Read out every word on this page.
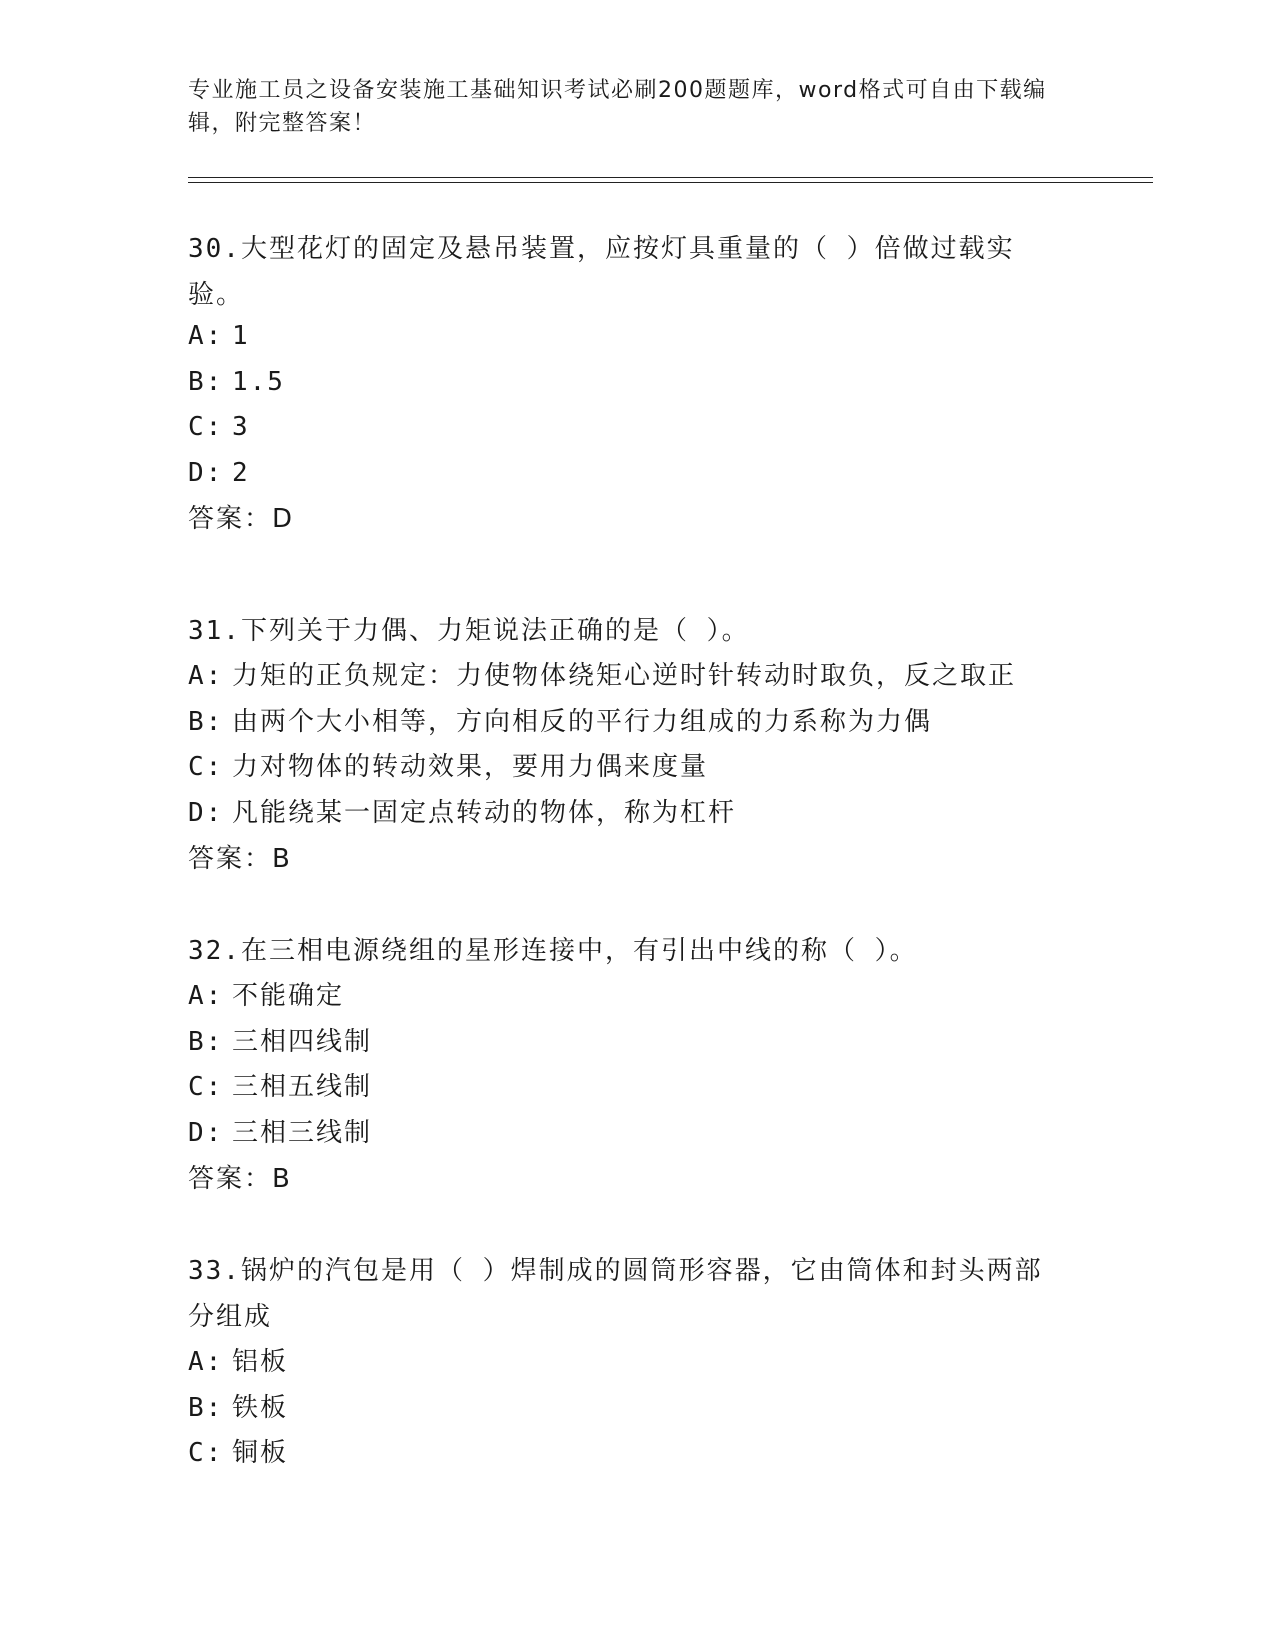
专业施工员之设备安装施工基础知识考试必刷200题题库，word格式可自由下载编辑，附完整答案！

30.大型花灯的固定及悬吊装置，应按灯具重量的（ ）倍做过载实验。

A: 1

B: 1.5

C: 3

D: 2

答案：D

31.下列关于力偶、力矩说法正确的是（ ）。

A: 力矩的正负规定：力使物体绕矩心逆时针转动时取负，反之取正

B: 由两个大小相等，方向相反的平行力组成的力系称为力偶

C: 力对物体的转动效果，要用力偶来度量

D: 凡能绕某一固定点转动的物体，称为杠杆

答案：B

32.在三相电源绕组的星形连接中，有引出中线的称（ ）。

A: 不能确定

B: 三相四线制

C: 三相五线制

D: 三相三线制

答案：B

33.锅炉的汽包是用（ ）焊制成的圆筒形容器，它由筒体和封头两部分组成

A: 铝板

B: 铁板

C: 铜板
